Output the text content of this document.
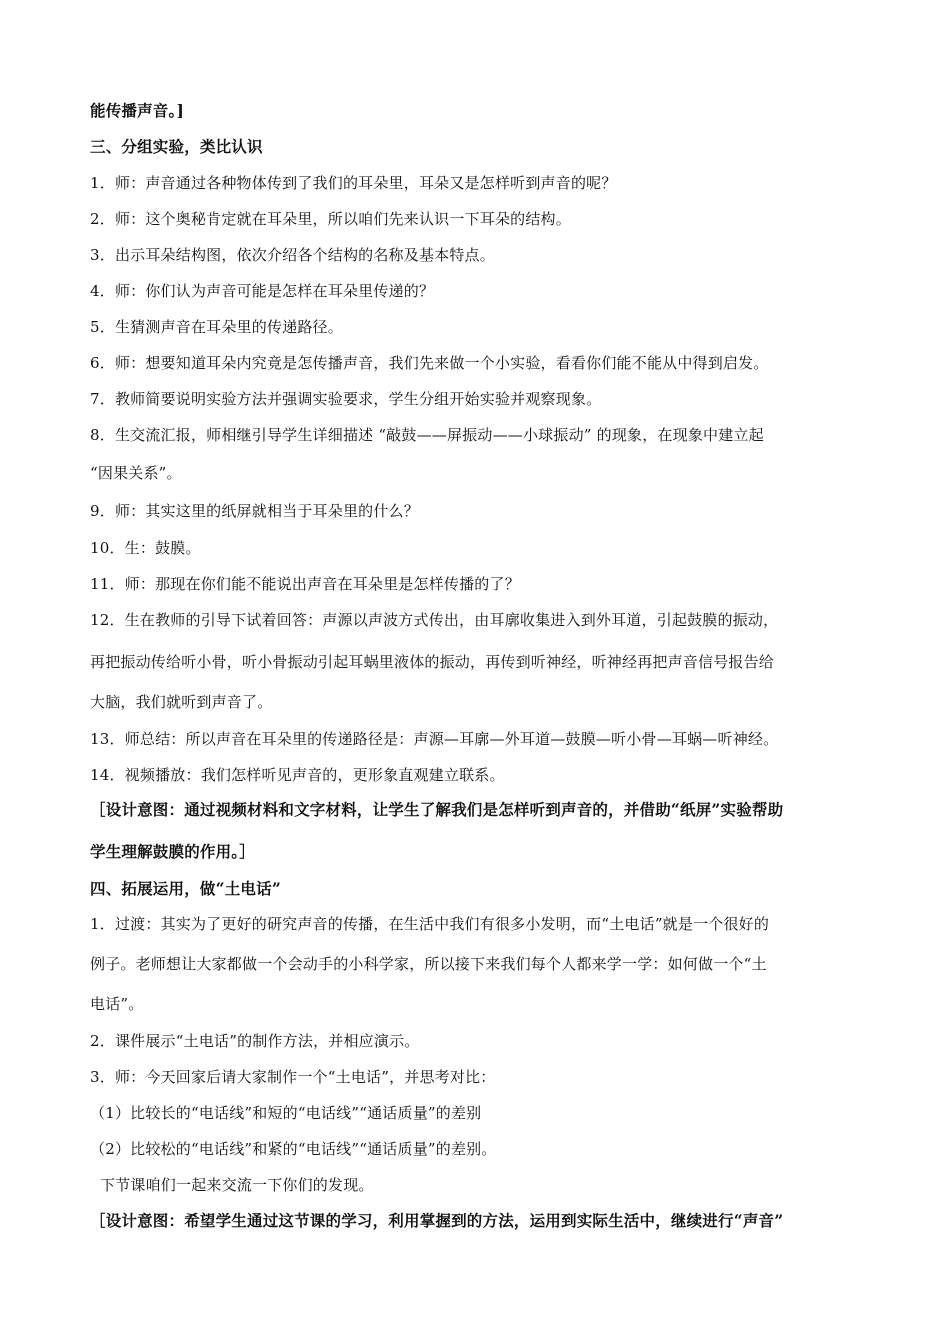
能传播声音。]
三、分组实验，类比认识
1．师：声音通过各种物体传到了我们的耳朵里，耳朵又是怎样听到声音的呢？
2．师：这个奥秘肯定就在耳朵里，所以咱们先来认识一下耳朵的结构。
3．出示耳朵结构图，依次介绍各个结构的名称及基本特点。
4．师：你们认为声音可能是怎样在耳朵里传递的？
5．生猜测声音在耳朵里的传递路径。
6．师：想要知道耳朵内究竟是怎传播声音，我们先来做一个小实验，看看你们能不能从中得到启发。
7．教师简要说明实验方法并强调实验要求，学生分组开始实验并观察现象。
8．生交流汇报，师相继引导学生详细描述 “敲鼓——屏振动——小球振动” 的现象，在现象中建立起
“因果关系”。
9．师：其实这里的纸屏就相当于耳朵里的什么？
10．生：鼓膜。
11．师：那现在你们能不能说出声音在耳朵里是怎样传播的了？
12．生在教师的引导下试着回答：声源以声波方式传出，由耳廓收集进入到外耳道，引起鼓膜的振动，
再把振动传给听小骨，听小骨振动引起耳蜗里液体的振动，再传到听神经，听神经再把声音信号报告给
大脑，我们就听到声音了。
13．师总结：所以声音在耳朵里的传递路径是：声源—耳廓—外耳道—鼓膜—听小骨—耳蜗—听神经。
14．视频播放：我们怎样听见声音的，更形象直观建立联系。
［设计意图：通过视频材料和文字材料，让学生了解我们是怎样听到声音的，并借助“纸屏”实验帮助
学生理解鼓膜的作用。］
四、拓展运用，做“土电话”
1．过渡：其实为了更好的研究声音的传播，在生活中我们有很多小发明，而“土电话”就是一个很好的
例子。老师想让大家都做一个会动手的小科学家，所以接下来我们每个人都来学一学：如何做一个“土
电话”。
2．课件展示“土电话”的制作方法，并相应演示。
3．师：今天回家后请大家制作一个“土电话”，并思考对比：
（1）比较长的“电话线”和短的“电话线”“通话质量”的差别
（2）比较松的“电话线”和紧的“电话线”“通话质量”的差别。
下节课咱们一起来交流一下你们的发现。
［设计意图：希望学生通过这节课的学习，利用掌握到的方法，运用到实际生活中，继续进行“声音”
